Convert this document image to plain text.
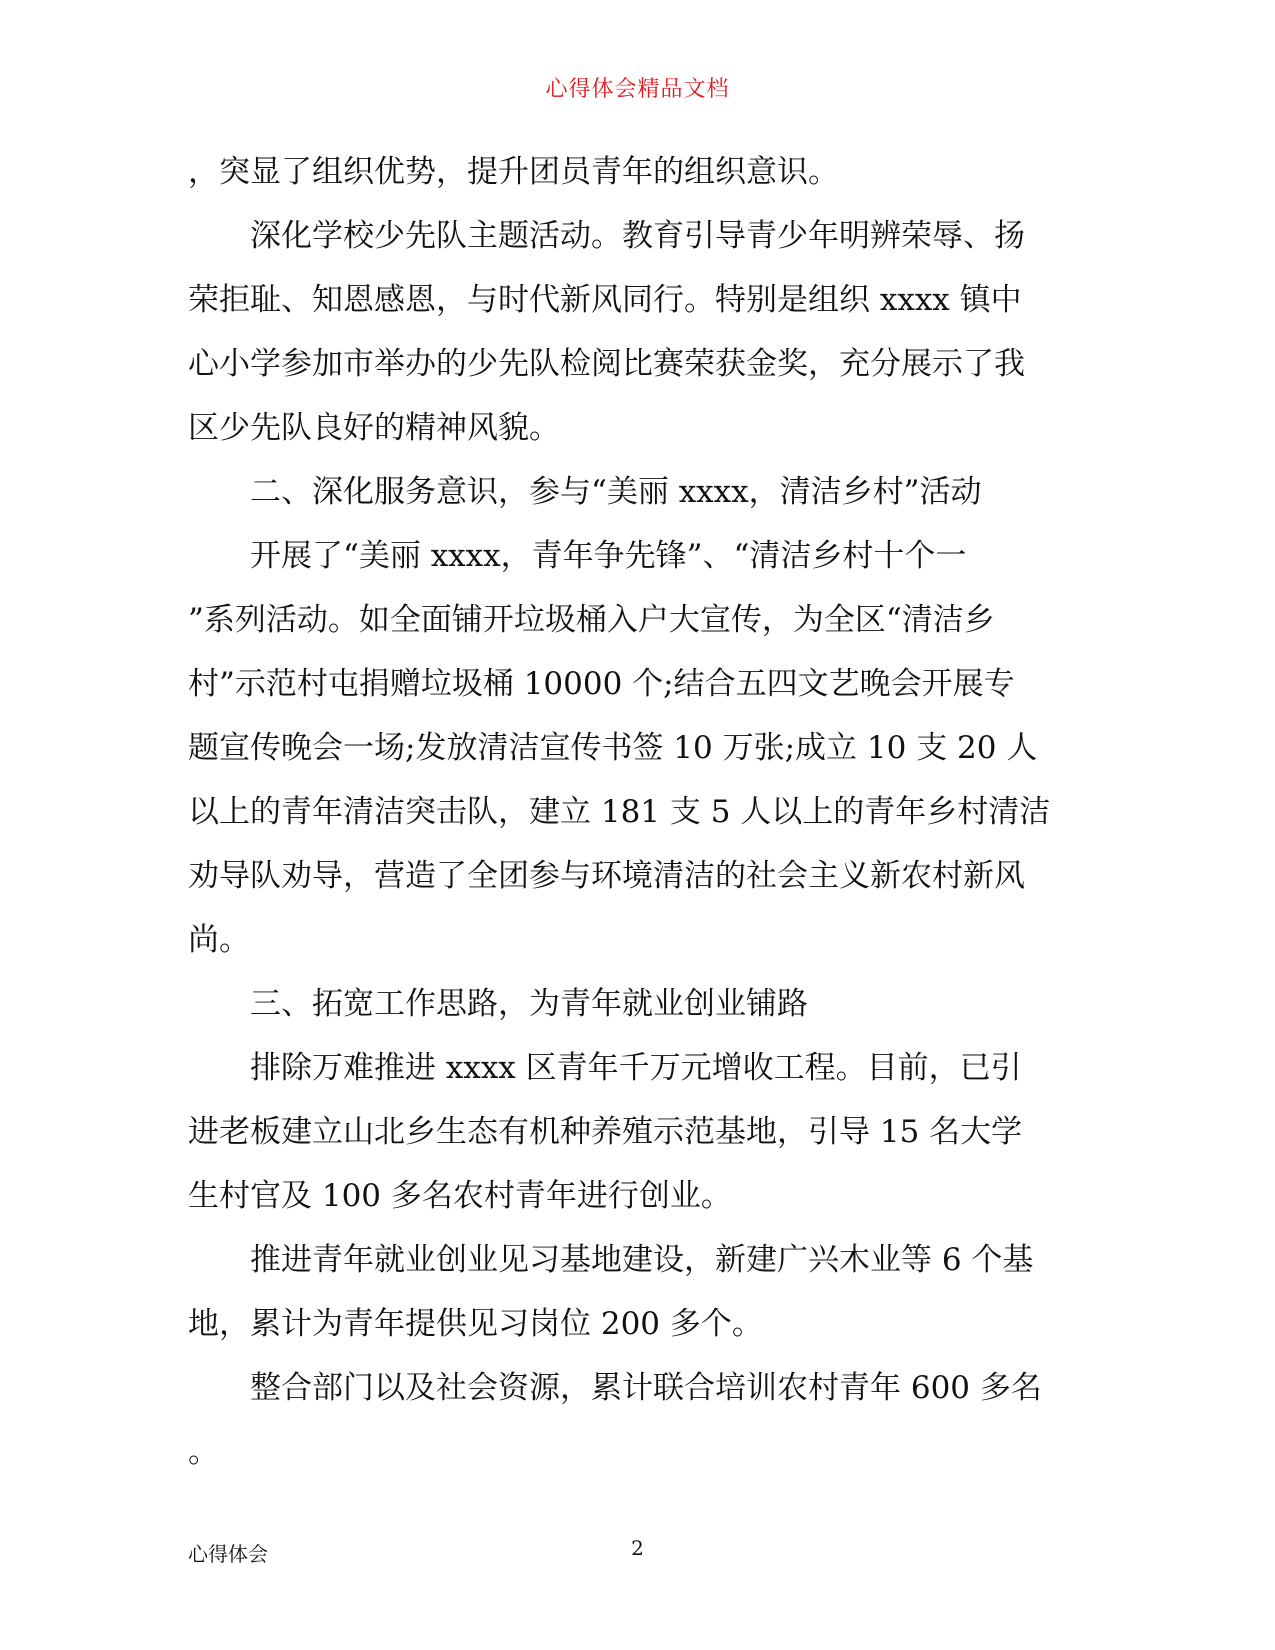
心得体会精品文档
，突显了组织优势，提升团员青年的组织意识。
　　深化学校少先队主题活动。教育引导青少年明辨荣辱、扬
荣拒耻、知恩感恩，与时代新风同行。特别是组织 xxxx 镇中
心小学参加市举办的少先队检阅比赛荣获金奖，充分展示了我
区少先队良好的精神风貌。
　　二、深化服务意识，参与“美丽 xxxx，清洁乡村”活动
　　开展了“美丽 xxxx，青年争先锋”、“清洁乡村十个一
”系列活动。如全面铺开垃圾桶入户大宣传，为全区“清洁乡
村”示范村屯捐赠垃圾桶 10000 个;结合五四文艺晚会开展专
题宣传晚会一场;发放清洁宣传书签 10 万张;成立 10 支 20 人
以上的青年清洁突击队，建立 181 支 5 人以上的青年乡村清洁
劝导队劝导，营造了全团参与环境清洁的社会主义新农村新风
尚。
　　三、拓宽工作思路，为青年就业创业铺路
　　排除万难推进 xxxx 区青年千万元增收工程。目前，已引
进老板建立山北乡生态有机种养殖示范基地，引导 15 名大学
生村官及 100 多名农村青年进行创业。
　　推进青年就业创业见习基地建设，新建广兴木业等 6 个基
地，累计为青年提供见习岗位 200 多个。
　　整合部门以及社会资源，累计联合培训农村青年 600 多名
。
心得体会	2
